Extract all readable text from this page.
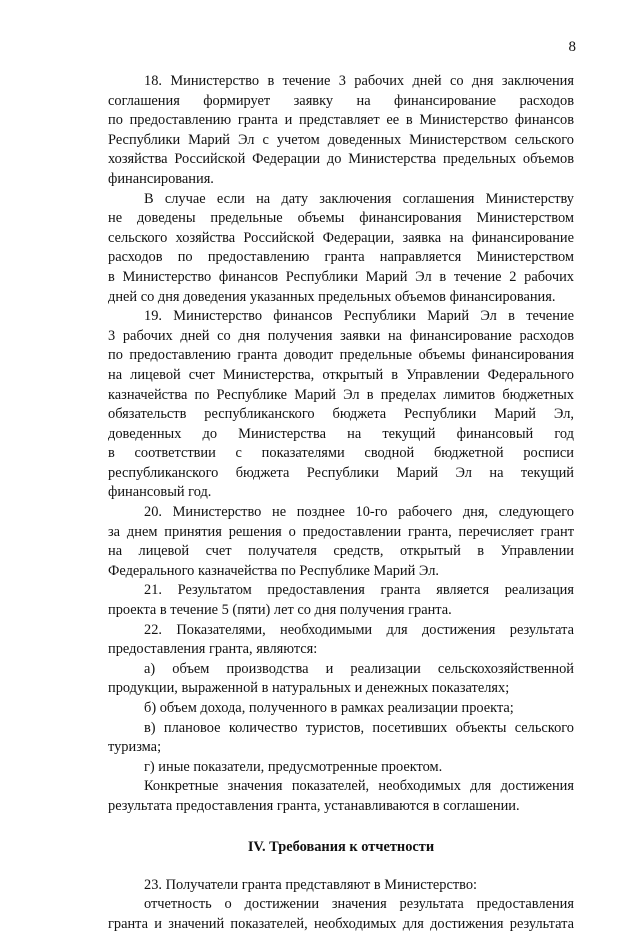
8
18. Министерство в течение 3 рабочих дней со дня заключения
соглашения формирует заявку на финансирование расходов
по предоставлению гранта и представляет ее в Министерство финансов
Республики Марий Эл с учетом доведенных Министерством сельского
хозяйства Российской Федерации до Министерства предельных объемов
финансирования.
В случае если на дату заключения соглашения Министерству
не доведены предельные объемы финансирования Министерством
сельского хозяйства Российской Федерации, заявка на финансирование
расходов по предоставлению гранта направляется Министерством
в Министерство финансов Республики Марий Эл в течение 2 рабочих
дней со дня доведения указанных предельных объемов финансирования.
19. Министерство финансов Республики Марий Эл в течение
3 рабочих дней со дня получения заявки на финансирование расходов
по предоставлению гранта доводит предельные объемы финансирования
на лицевой счет Министерства, открытый в Управлении Федерального
казначейства по Республике Марий Эл в пределах лимитов бюджетных
обязательств республиканского бюджета Республики Марий Эл,
доведенных до Министерства на текущий финансовый год
в соответствии с показателями сводной бюджетной росписи
республиканского бюджета Республики Марий Эл на текущий
финансовый год.
20. Министерство не позднее 10-го рабочего дня, следующего
за днем принятия решения о предоставлении гранта, перечисляет грант
на лицевой счет получателя средств, открытый в Управлении
Федерального казначейства по Республике Марий Эл.
21. Результатом предоставления гранта является реализация
проекта в течение 5 (пяти) лет со дня получения гранта.
22. Показателями, необходимыми для достижения результата
предоставления гранта, являются:
а) объем производства и реализации сельскохозяйственной
продукции, выраженной в натуральных и денежных показателях;
б) объем дохода, полученного в рамках реализации проекта;
в) плановое количество туристов, посетивших объекты сельского
туризма;
г) иные показатели, предусмотренные проектом.
Конкретные значения показателей, необходимых для достижения
результата предоставления гранта, устанавливаются в соглашении.
IV. Требования к отчетности
23. Получатели гранта представляют в Министерство:
отчетность о достижении значения результата предоставления
гранта и значений показателей, необходимых для достижения результата
